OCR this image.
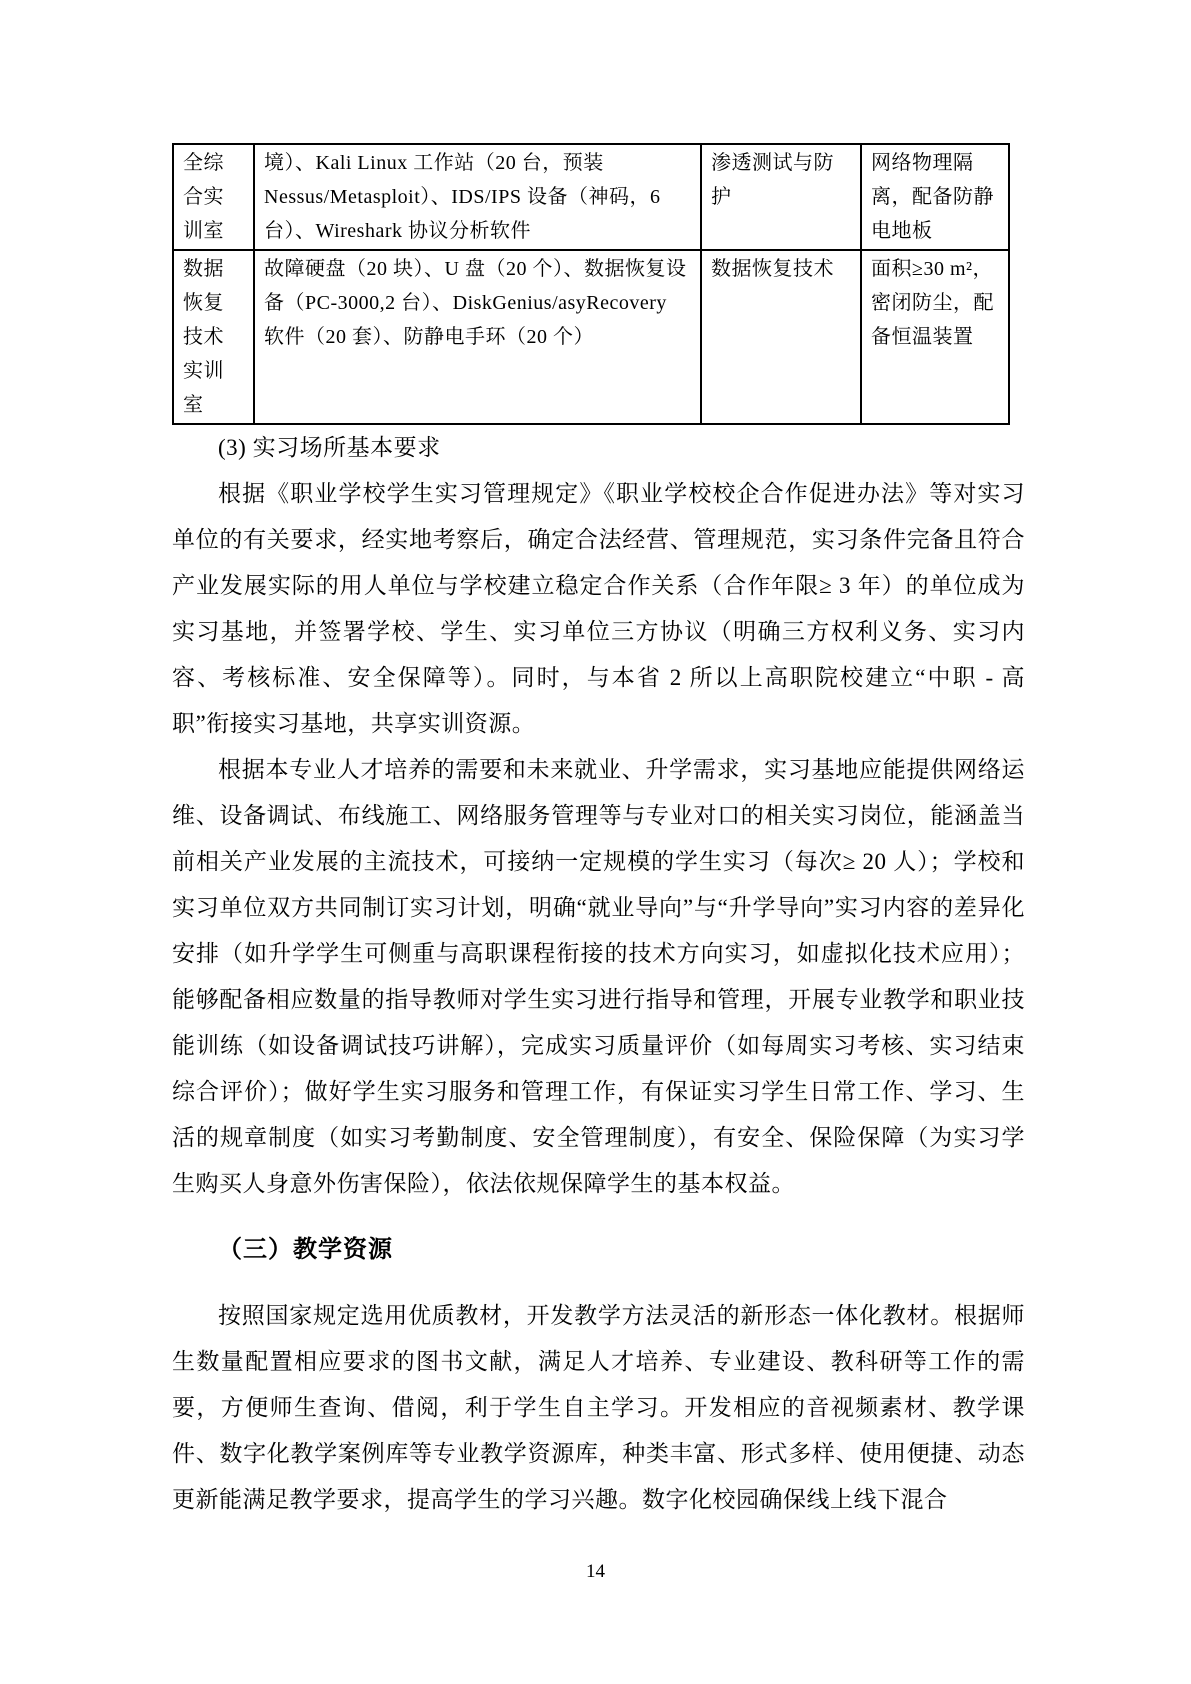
全综合实训室	境）、Kali Linux 工作站（20 台，预装 Nessus/Metasploit）、IDS/IPS 设备（神码，6 台）、Wireshark 协议分析软件	渗透测试与防护	网络物理隔离，配备防静电地板
数据恢复技术实训室	故障硬盘（20 块）、U 盘（20 个）、数据恢复设备（PC-3000,2 台）、DiskGenius/asyRecovery 软件（20 套）、防静电手环（20 个）	数据恢复技术	面积≥30 m²，密闭防尘，配备恒温装置
(3) 实习场所基本要求

根据《职业学校学生实习管理规定》《职业学校校企合作促进办法》等对实习单位的有关要求，经实地考察后，确定合法经营、管理规范，实习条件完备且符合产业发展实际的用人单位与学校建立稳定合作关系（合作年限≥ 3 年）的单位成为实习基地，并签署学校、学生、实习单位三方协议（明确三方权利义务、实习内容、考核标准、安全保障等）。同时，与本省 2 所以上高职院校建立“中职 - 高职”衔接实习基地，共享实训资源。

根据本专业人才培养的需要和未来就业、升学需求，实习基地应能提供网络运维、设备调试、布线施工、网络服务管理等与专业对口的相关实习岗位，能涵盖当前相关产业发展的主流技术，可接纳一定规模的学生实习（每次≥ 20 人）；学校和实习单位双方共同制订实习计划，明确“就业导向”与“升学导向”实习内容的差异化安排（如升学学生可侧重与高职课程衔接的技术方向实习，如虚拟化技术应用）；能够配备相应数量的指导教师对学生实习进行指导和管理，开展专业教学和职业技能训练（如设备调试技巧讲解），完成实习质量评价（如每周实习考核、实习结束综合评价）；做好学生实习服务和管理工作，有保证实习学生日常工作、学习、生活的规章制度（如实习考勤制度、安全管理制度），有安全、保险保障（为实习学生购买人身意外伤害保险），依法依规保障学生的基本权益。

（三）教学资源

按照国家规定选用优质教材，开发教学方法灵活的新形态一体化教材。根据师生数量配置相应要求的图书文献，满足人才培养、专业建设、教科研等工作的需要，方便师生查询、借阅，利于学生自主学习。开发相应的音视频素材、教学课件、数字化教学案例库等专业教学资源库，种类丰富、形式多样、使用便捷、动态更新能满足教学要求，提高学生的学习兴趣。数字化校园确保线上线下混合

14
